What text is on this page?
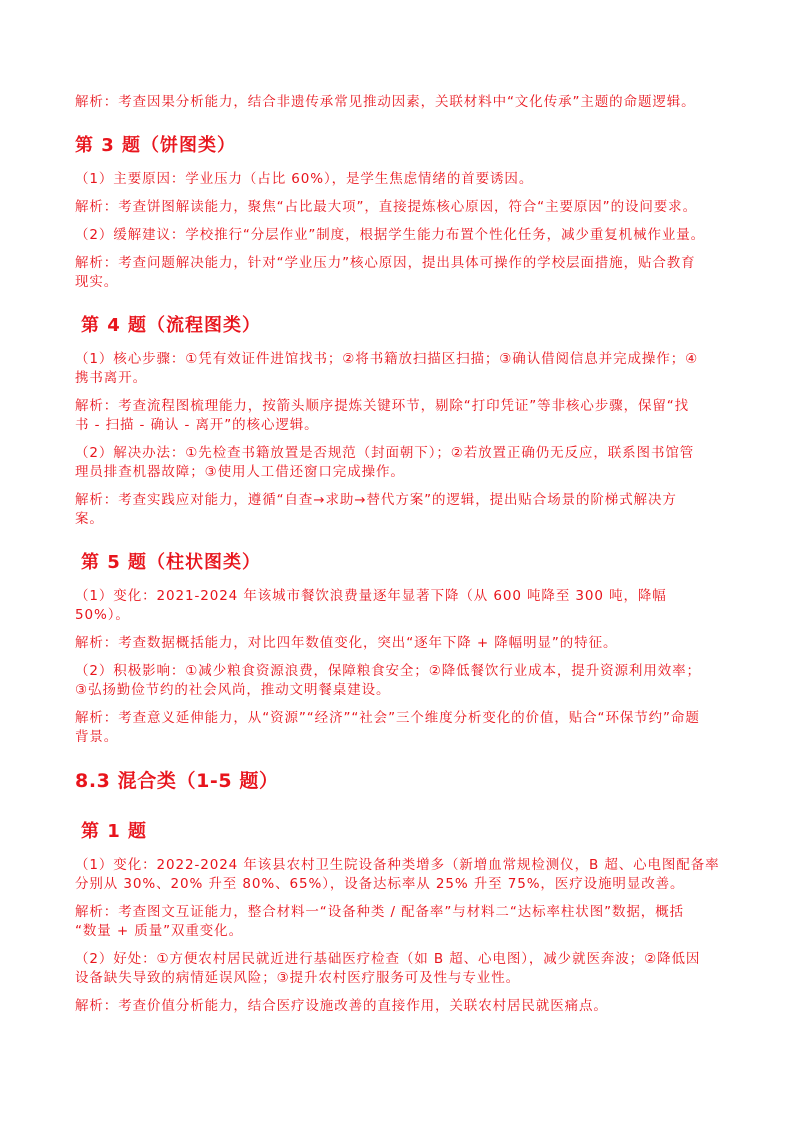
解析：考查因果分析能力，结合非遗传承常见推动因素，关联材料中“文化传承”主题的命题逻辑。
第 3 题（饼图类）
（1）主要原因：学业压力（占比 60%），是学生焦虑情绪的首要诱因。
解析：考查饼图解读能力，聚焦“占比最大项”，直接提炼核心原因，符合“主要原因”的设问要求。
（2）缓解建议：学校推行“分层作业”制度，根据学生能力布置个性化任务，减少重复机械作业量。
解析：考查问题解决能力，针对“学业压力”核心原因，提出具体可操作的学校层面措施，贴合教育
现实。
第 4 题（流程图类）
（1）核心步骤：①凭有效证件进馆找书；②将书籍放扫描区扫描；③确认借阅信息并完成操作；④
携书离开。
解析：考查流程图梳理能力，按箭头顺序提炼关键环节，剔除“打印凭证”等非核心步骤，保留“找
书 - 扫描 - 确认 - 离开”的核心逻辑。
（2）解决办法：①先检查书籍放置是否规范（封面朝下）；②若放置正确仍无反应，联系图书馆管
理员排查机器故障；③使用人工借还窗口完成操作。
解析：考查实践应对能力，遵循“自查→求助→替代方案”的逻辑，提出贴合场景的阶梯式解决方
案。
第 5 题（柱状图类）
（1）变化：2021-2024 年该城市餐饮浪费量逐年显著下降（从 600 吨降至 300 吨，降幅
50%）。
解析：考查数据概括能力，对比四年数值变化，突出“逐年下降 + 降幅明显”的特征。
（2）积极影响：①减少粮食资源浪费，保障粮食安全；②降低餐饮行业成本，提升资源利用效率；
③弘扬勤俭节约的社会风尚，推动文明餐桌建设。
解析：考查意义延伸能力，从“资源”“经济”“社会”三个维度分析变化的价值，贴合“环保节约”命题
背景。
8.3 混合类（1-5 题）
第 1 题
（1）变化：2022-2024 年该县农村卫生院设备种类增多（新增血常规检测仪，B 超、心电图配备率
分别从 30%、20% 升至 80%、65%），设备达标率从 25% 升至 75%，医疗设施明显改善。
解析：考查图文互证能力，整合材料一“设备种类 / 配备率”与材料二“达标率柱状图”数据，概括
“数量 + 质量”双重变化。
（2）好处：①方便农村居民就近进行基础医疗检查（如 B 超、心电图），减少就医奔波；②降低因
设备缺失导致的病情延误风险；③提升农村医疗服务可及性与专业性。
解析：考查价值分析能力，结合医疗设施改善的直接作用，关联农村居民就医痛点。
